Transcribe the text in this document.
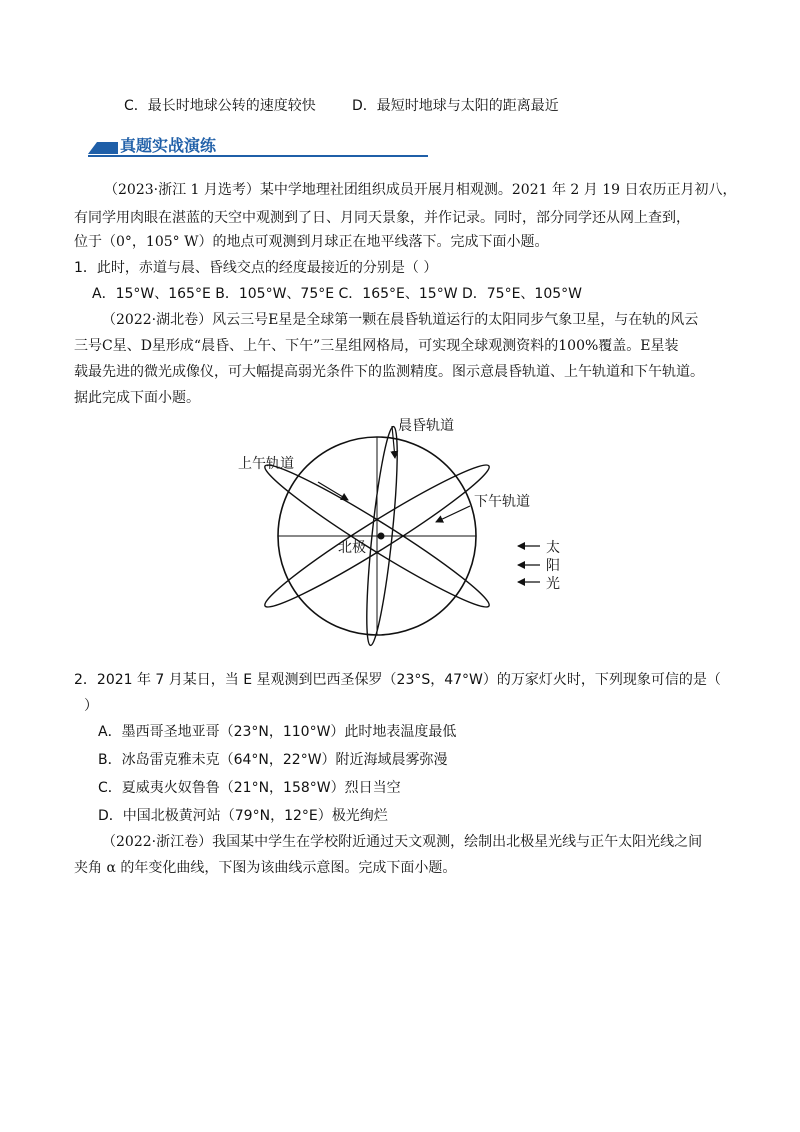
C．最长时地球公转的速度较快	D．最短时地球与太阳的距离最近
真题实战演练
（2023·浙江 1 月选考）某中学地理社团组织成员开展月相观测。2021 年 2 月 19 日农历正月初八，
有同学用肉眼在湛蓝的天空中观测到了日、月同天景象，并作记录。同时，部分同学还从网上查到，
位于（0°，105° W）的地点可观测到月球正在地平线落下。完成下面小题。
1．此时，赤道与晨、昏线交点的经度最接近的分别是（ ）
A．15°W、165°E B．105°W、75°E C．165°E、15°W D．75°E、105°W
（2022·湖北卷）风云三号E星是全球第一颗在晨昏轨道运行的太阳同步气象卫星，与在轨的风云
三号C星、D星形成“晨昏、上午、下午”三星组网格局，可实现全球观测资料的100%覆盖。E星装
载最先进的微光成像仪，可大幅提高弱光条件下的监测精度。图示意晨昏轨道、上午轨道和下午轨道。
据此完成下面小题。
晨昏轨道
上午轨道
下午轨道
北极	太
阳
光
2．2021 年 7 月某日，当 E 星观测到巴西圣保罗（23°S，47°W）的万家灯火时，下列现象可信的是（
）
A．墨西哥圣地亚哥（23°N，110°W）此时地表温度最低
B．冰岛雷克雅未克（64°N，22°W）附近海域晨雾弥漫
C．夏威夷火奴鲁鲁（21°N，158°W）烈日当空
D．中国北极黄河站（79°N，12°E）极光绚烂
（2022·浙江卷）我国某中学生在学校附近通过天文观测，绘制出北极星光线与正午太阳光线之间
夹角 α 的年变化曲线，下图为该曲线示意图。完成下面小题。
